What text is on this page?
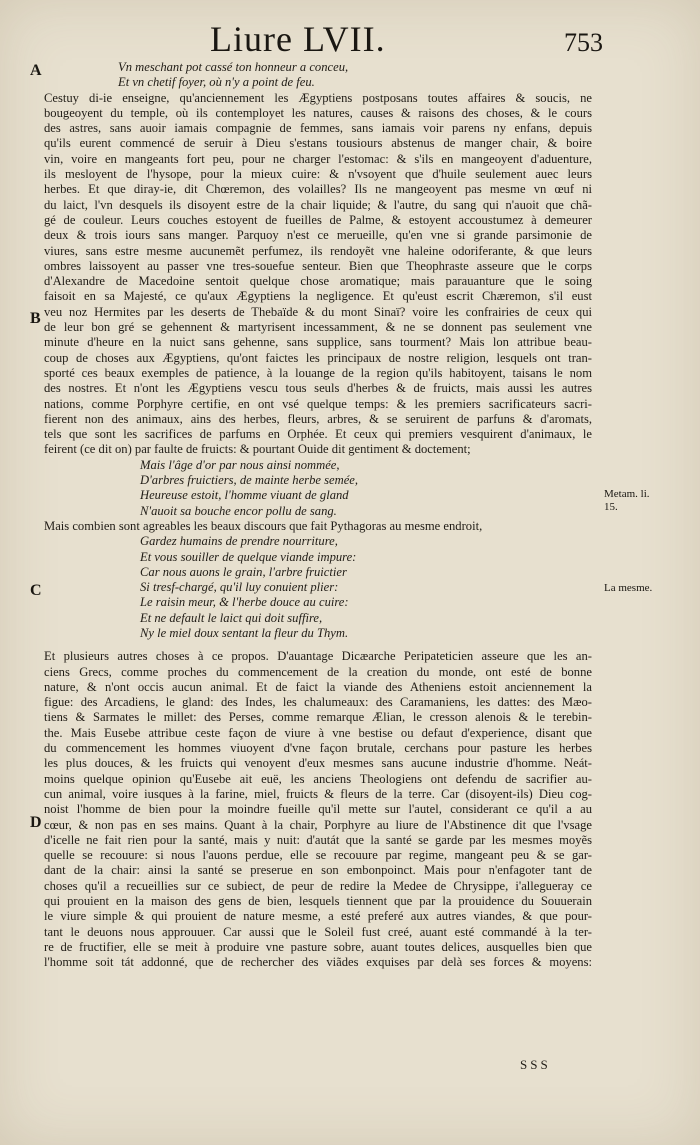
Liure LVII.	753
A
B
C
D
Metam. li. 15.
La mesme.
Vn meschant pot cassé ton honneur a conceu,
Et vn chetif foyer, où n'y a point de feu.
Cestuy di-ie enseigne, qu'anciennement les Ægyptiens postposans toutes affaires & soucis, ne
bougeoyent du temple, où ils contemployet les natures, causes & raisons des choses, & le cours
des astres, sans auoir iamais compagnie de femmes, sans iamais voir parens ny enfans, depuis
qu'ils eurent commencé de seruir à Dieu s'estans tousiours abstenus de manger chair, & boire
vin, voire en mangeants fort peu, pour ne charger l'estomac: & s'ils en mangeoyent d'aduenture,
ils mesloyent de l'hysope, pour la mieux cuire: & n'vsoyent que d'huile seulement auec leurs
herbes. Et que diray-ie, dit Chœremon, des volailles? Ils ne mangeoyent pas mesme vn œuf ni
du laict, l'vn desquels ils disoyent estre de la chair liquide; & l'autre, du sang qui n'auoit que chã-
gé de couleur. Leurs couches estoyent de fueilles de Palme, & estoyent accoustumez à demeurer
deux & trois iours sans manger. Parquoy n'est ce merueille, qu'en vne si grande parsimonie de
viures, sans estre mesme aucunemẽt perfumez, ils rendoyẽt vne haleine odoriferante, & que leurs
ombres laissoyent au passer vne tres-souefue senteur. Bien que Theophraste asseure que le corps
d'Alexandre de Macedoine sentoit quelque chose aromatique; mais parauanture que le soing
faisoit en sa Majesté, ce qu'aux Ægyptiens la negligence. Et qu'eust escrit Chæremon, s'il eust
veu noz Hermites par les deserts de Thebaïde & du mont Sinaï? voire les confrairies de ceux qui
de leur bon gré se gehennent & martyrisent incessamment, & ne se donnent pas seulement vne
minute d'heure en la nuict sans gehenne, sans supplice, sans tourment? Mais lon attribue beau-
coup de choses aux Ægyptiens, qu'ont faictes les principaux de nostre religion, lesquels ont tran-
sporté ces beaux exemples de patience, à la louange de la region qu'ils habitoyent, taisans le nom
des nostres. Et n'ont les Ægyptiens vescu tous seuls d'herbes & de fruicts, mais aussi les autres
nations, comme Porphyre certifie, en ont vsé quelque temps: & les premiers sacrificateurs sacri-
fierent non des animaux, ains des herbes, fleurs, arbres, & se seruirent de parfuns & d'aromats,
tels que sont les sacrifices de parfums en Orphée. Et ceux qui premiers vesquirent d'animaux, le
feirent (ce dit on) par faulte de fruicts: & pourtant Ouide dit gentiment & doctement;
Mais l'âge d'or par nous ainsi nommée,
D'arbres fruictiers, de mainte herbe semée,
Heureuse estoit, l'homme viuant de gland
N'auoit sa bouche encor pollu de sang.
Mais combien sont agreables les beaux discours que fait Pythagoras au mesme endroit,
Gardez humains de prendre nourriture,
Et vous souiller de quelque viande impure:
Car nous auons le grain, l'arbre fruictier
Si tresf-chargé, qu'il luy conuient plier:
Le raisin meur, & l'herbe douce au cuire:
Et ne default le laict qui doit suffire,
Ny le miel doux sentant la fleur du Thym.
Et plusieurs autres choses à ce propos. D'auantage Dicæarche Peripateticien asseure que les an-
ciens Grecs, comme proches du commencement de la creation du monde, ont esté de bonne
nature, & n'ont occis aucun animal. Et de faict la viande des Atheniens estoit anciennement la
figue: des Arcadiens, le gland: des Indes, les chalumeaux: des Caramaniens, les dattes: des Mæo-
tiens & Sarmates le millet: des Perses, comme remarque Ælian, le cresson alenois & le terebin-
the. Mais Eusebe attribue ceste façon de viure à vne bestise ou defaut d'experience, disant que
du commencement les hommes viuoyent d'vne façon brutale, cerchans pour pasture les herbes
les plus douces, & les fruicts qui venoyent d'eux mesmes sans aucune industrie d'homme. Neát-
moins quelque opinion qu'Eusebe ait euë, les anciens Theologiens ont defendu de sacrifier au-
cun animal, voire iusques à la farine, miel, fruicts & fleurs de la terre. Car (disoyent-ils) Dieu cog-
noist l'homme de bien pour la moindre fueille qu'il mette sur l'autel, considerant ce qu'il a au
cœur, & non pas en ses mains. Quant à la chair, Porphyre au liure de l'Abstinence dit que l'vsage
d'icelle ne fait rien pour la santé, mais y nuit: d'autát que la santé se garde par les mesmes moyẽs
quelle se recouure: si nous l'auons perdue, elle se recouure par regime, mangeant peu & se gar-
dant de la chair: ainsi la santé se preserue en son embonpoinct. Mais pour n'enfagoter tant de
choses qu'il a recueillies sur ce subiect, de peur de redire la Medee de Chrysippe, i'allegueray ce
qui prouient en la maison des gens de bien, lesquels tiennent que par la prouidence du Souuerain
le viure simple & qui prouient de nature mesme, a esté preferé aux autres viandes, & que pour-
tant le deuons nous approuuer. Car aussi que le Soleil fust creé, auant esté commandé à la ter-
re de fructifier, elle se meit à produire vne pasture sobre, auant toutes delices, ausquelles bien que
l'homme soit tát addonné, que de rechercher des viãdes exquises par delà ses forces & moyens:
SSS
